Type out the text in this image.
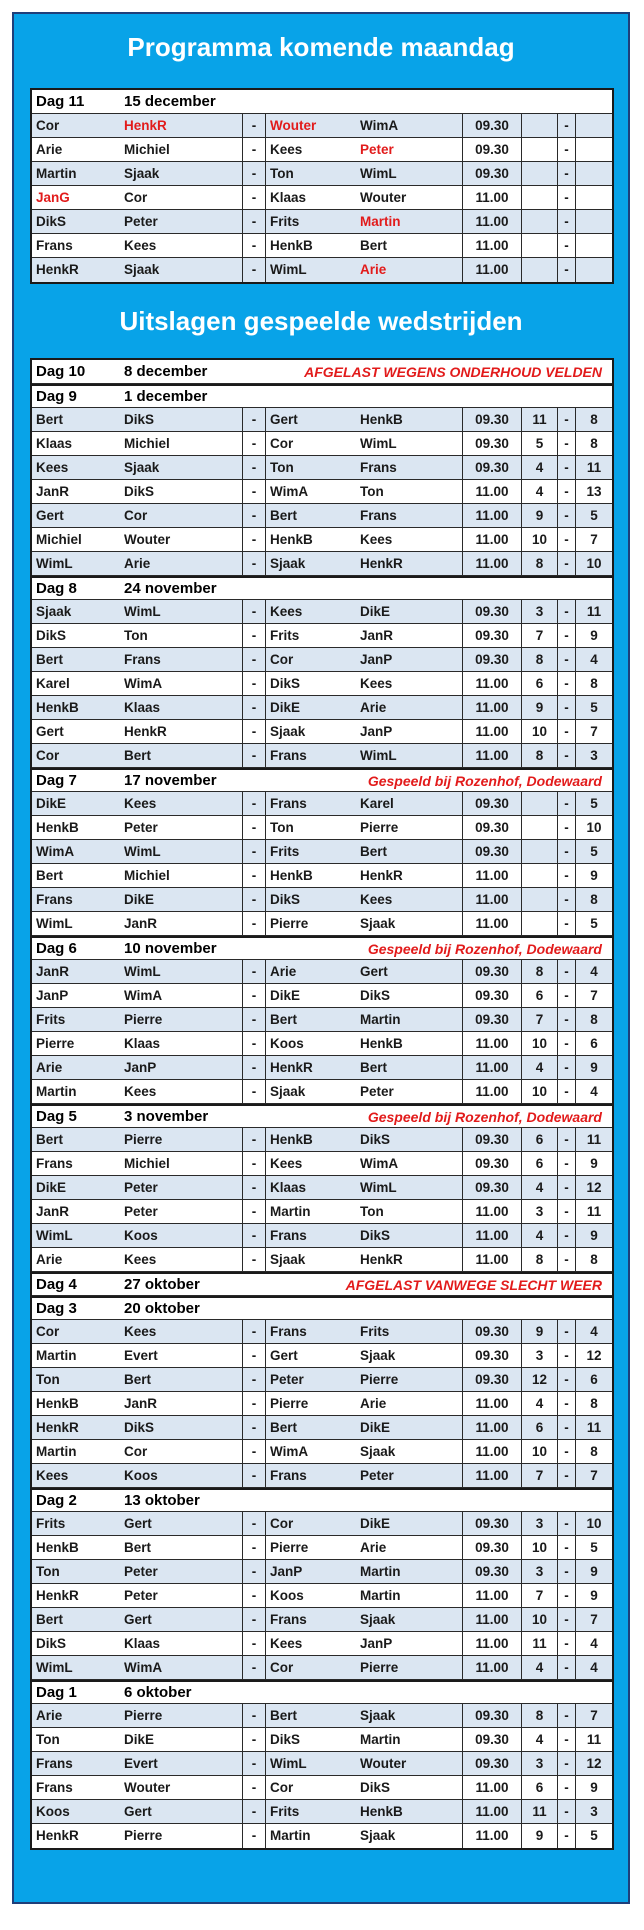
Programma komende maandag
Dag 11	15 december
Cor	HenkR	-	Wouter	WimA	09.30	-
Arie	Michiel	-	Kees	Peter	09.30	-
Martin	Sjaak	-	Ton	WimL	09.30	-
JanG	Cor	-	Klaas	Wouter	11.00	-
DikS	Peter	-	Frits	Martin	11.00	-
Frans	Kees	-	HenkB	Bert	11.00	-
HenkR	Sjaak	-	WimL	Arie	11.00	-
Uitslagen gespeelde wedstrijden
Dag 10	8 december	AFGELAST WEGENS ONDERHOUD VELDEN
Dag 9	1 december
Bert	DikS	-	Gert	HenkB	09.30	11	-	8
Klaas	Michiel	-	Cor	WimL	09.30	5	-	8
Kees	Sjaak	-	Ton	Frans	09.30	4	-	11
JanR	DikS	-	WimA	Ton	11.00	4	-	13
Gert	Cor	-	Bert	Frans	11.00	9	-	5
Michiel	Wouter	-	HenkB	Kees	11.00	10	-	7
WimL	Arie	-	Sjaak	HenkR	11.00	8	-	10
Dag 8	24 november
Sjaak	WimL	-	Kees	DikE	09.30	3	-	11
DikS	Ton	-	Frits	JanR	09.30	7	-	9
Bert	Frans	-	Cor	JanP	09.30	8	-	4
Karel	WimA	-	DikS	Kees	11.00	6	-	8
HenkB	Klaas	-	DikE	Arie	11.00	9	-	5
Gert	HenkR	-	Sjaak	JanP	11.00	10	-	7
Cor	Bert	-	Frans	WimL	11.00	8	-	3
Dag 7	17 november	Gespeeld bij Rozenhof, Dodewaard
DikE	Kees	-	Frans	Karel	09.30	-	5
HenkB	Peter	-	Ton	Pierre	09.30	-	10
WimA	WimL	-	Frits	Bert	09.30	-	5
Bert	Michiel	-	HenkB	HenkR	11.00	-	9
Frans	DikE	-	DikS	Kees	11.00	-	8
WimL	JanR	-	Pierre	Sjaak	11.00	-	5
Dag 6	10 november	Gespeeld bij Rozenhof, Dodewaard
JanR	WimL	-	Arie	Gert	09.30	8	-	4
JanP	WimA	-	DikE	DikS	09.30	6	-	7
Frits	Pierre	-	Bert	Martin	09.30	7	-	8
Pierre	Klaas	-	Koos	HenkB	11.00	10	-	6
Arie	JanP	-	HenkR	Bert	11.00	4	-	9
Martin	Kees	-	Sjaak	Peter	11.00	10	-	4
Dag 5	3 november	Gespeeld bij Rozenhof, Dodewaard
Bert	Pierre	-	HenkB	DikS	09.30	6	-	11
Frans	Michiel	-	Kees	WimA	09.30	6	-	9
DikE	Peter	-	Klaas	WimL	09.30	4	-	12
JanR	Peter	-	Martin	Ton	11.00	3	-	11
WimL	Koos	-	Frans	DikS	11.00	4	-	9
Arie	Kees	-	Sjaak	HenkR	11.00	8	-	8
Dag 4	27 oktober	AFGELAST VANWEGE SLECHT WEER
Dag 3	20 oktober
Cor	Kees	-	Frans	Frits	09.30	9	-	4
Martin	Evert	-	Gert	Sjaak	09.30	3	-	12
Ton	Bert	-	Peter	Pierre	09.30	12	-	6
HenkB	JanR	-	Pierre	Arie	11.00	4	-	8
HenkR	DikS	-	Bert	DikE	11.00	6	-	11
Martin	Cor	-	WimA	Sjaak	11.00	10	-	8
Kees	Koos	-	Frans	Peter	11.00	7	-	7
Dag 2	13 oktober
Frits	Gert	-	Cor	DikE	09.30	3	-	10
HenkB	Bert	-	Pierre	Arie	09.30	10	-	5
Ton	Peter	-	JanP	Martin	09.30	3	-	9
HenkR	Peter	-	Koos	Martin	11.00	7	-	9
Bert	Gert	-	Frans	Sjaak	11.00	10	-	7
DikS	Klaas	-	Kees	JanP	11.00	11	-	4
WimL	WimA	-	Cor	Pierre	11.00	4	-	4
Dag 1	6 oktober
Arie	Pierre	-	Bert	Sjaak	09.30	8	-	7
Ton	DikE	-	DikS	Martin	09.30	4	-	11
Frans	Evert	-	WimL	Wouter	09.30	3	-	12
Frans	Wouter	-	Cor	DikS	11.00	6	-	9
Koos	Gert	-	Frits	HenkB	11.00	11	-	3
HenkR	Pierre	-	Martin	Sjaak	11.00	9	-	5
